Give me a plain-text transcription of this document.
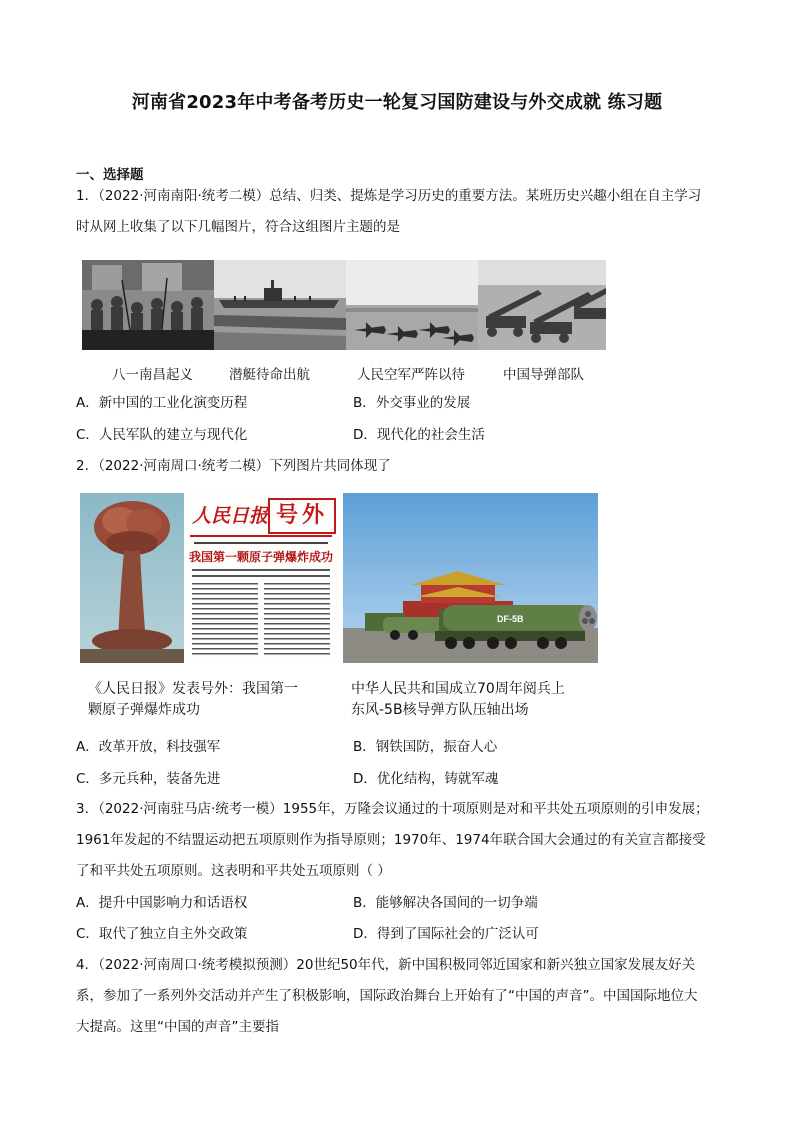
河南省2023年中考备考历史一轮复习国防建设与外交成就 练习题
一、选择题
1．（2022·河南南阳·统考二模）总结、归类、提炼是学习历史的重要方法。某班历史兴趣小组在自主学习
时从网上收集了以下几幅图片，符合这组图片主题的是
八一南昌起义	潜艇待命出航	人民空军严阵以待	中国导弹部队
A．新中国的工业化演变历程	B．外交事业的发展
C．人民军队的建立与现代化	D．现代化的社会生活
2．（2022·河南周口·统考二模）下列图片共同体现了
人民日报 号外
我国第一颗原子弹爆炸成功
DF-5B
《人民日报》发表号外：我国第一
颗原子弹爆炸成功
中华人民共和国成立70周年阅兵上
东风-5B核导弹方队压轴出场
A．改革开放，科技强军	B．钢铁国防，振奋人心
C．多元兵种，装备先进	D．优化结构，铸就军魂
3．（2022·河南驻马店·统考一模）1955年，万隆会议通过的十项原则是对和平共处五项原则的引申发展；
1961年发起的不结盟运动把五项原则作为指导原则；1970年、1974年联合国大会通过的有关宣言都接受
了和平共处五项原则。这表明和平共处五项原则（ ）
A．提升中国影响力和话语权	B．能够解决各国间的一切争端
C．取代了独立自主外交政策	D．得到了国际社会的广泛认可
4．（2022·河南周口·统考模拟预测）20世纪50年代，新中国积极同邻近国家和新兴独立国家发展友好关
系，参加了一系列外交活动并产生了积极影响，国际政治舞台上开始有了“中国的声音”。中国国际地位大
大提高。这里“中国的声音”主要指
